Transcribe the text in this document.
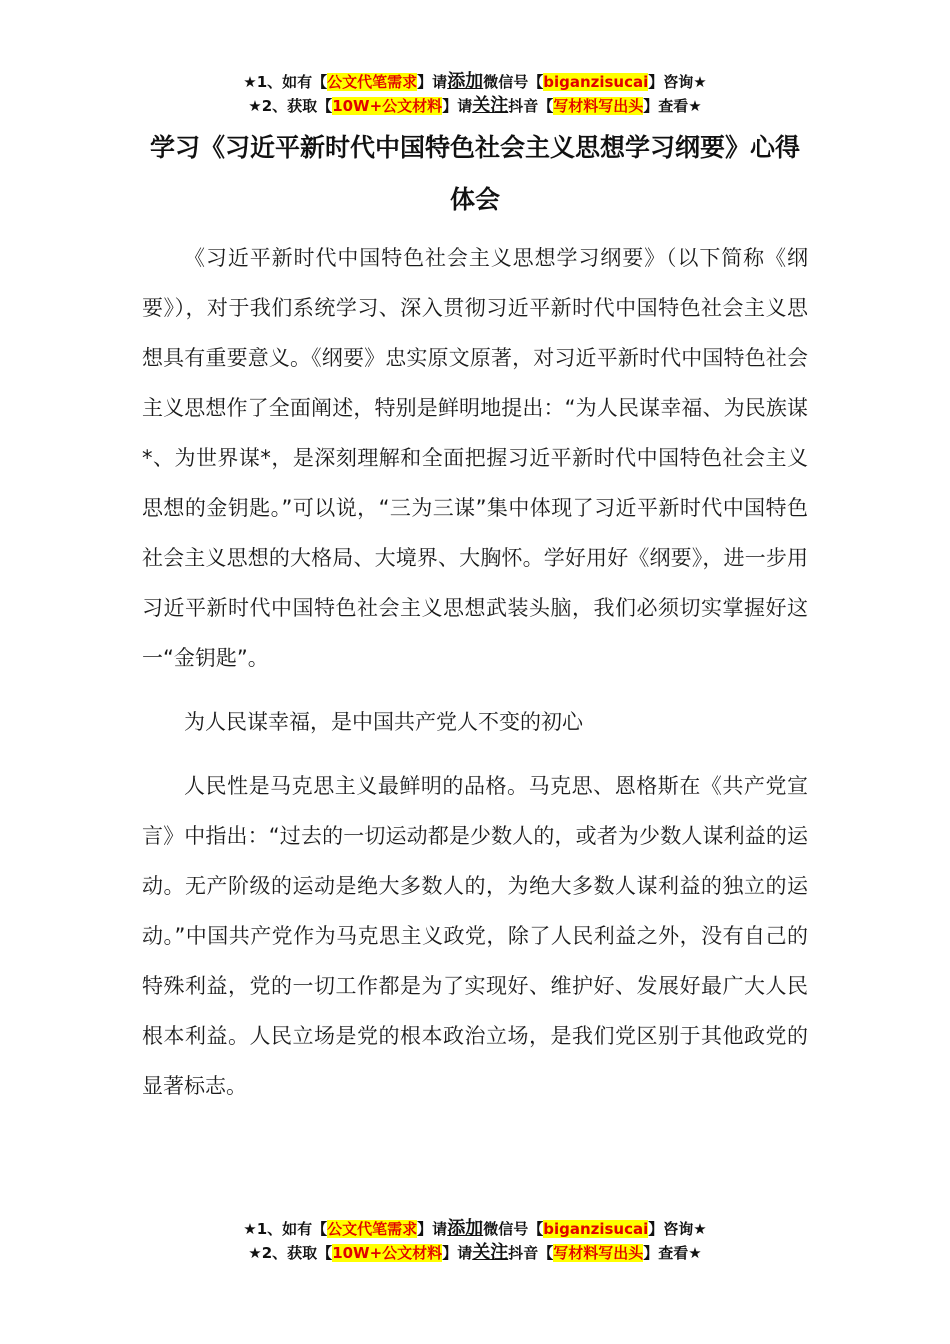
★1、如有【公文代笔需求】请添加微信号【biganzisucai】咨询★
★2、获取【10W+公文材料】请关注抖音【写材料写出头】查看★
学习《习近平新时代中国特色社会主义思想学习纲要》心得体会

《习近平新时代中国特色社会主义思想学习纲要》（以下简称《纲要》），对于我们系统学习、深入贯彻习近平新时代中国特色社会主义思想具有重要意义。《纲要》忠实原文原著，对习近平新时代中国特色社会主义思想作了全面阐述，特别是鲜明地提出：“为人民谋幸福、为民族谋*、为世界谋*，是深刻理解和全面把握习近平新时代中国特色社会主义思想的金钥匙。”可以说，“三为三谋”集中体现了习近平新时代中国特色社会主义思想的大格局、大境界、大胸怀。学好用好《纲要》，进一步用习近平新时代中国特色社会主义思想武装头脑，我们必须切实掌握好这一“金钥匙”。

为人民谋幸福，是中国共产党人不变的初心

人民性是马克思主义最鲜明的品格。马克思、恩格斯在《共产党宣言》中指出：“过去的一切运动都是少数人的，或者为少数人谋利益的运动。无产阶级的运动是绝大多数人的，为绝大多数人谋利益的独立的运动。”中国共产党作为马克思主义政党，除了人民利益之外，没有自己的特殊利益，党的一切工作都是为了实现好、维护好、发展好最广大人民根本利益。人民立场是党的根本政治立场，是我们党区别于其他政党的显著标志。

★1、如有【公文代笔需求】请添加微信号【biganzisucai】咨询★
★2、获取【10W+公文材料】请关注抖音【写材料写出头】查看★
